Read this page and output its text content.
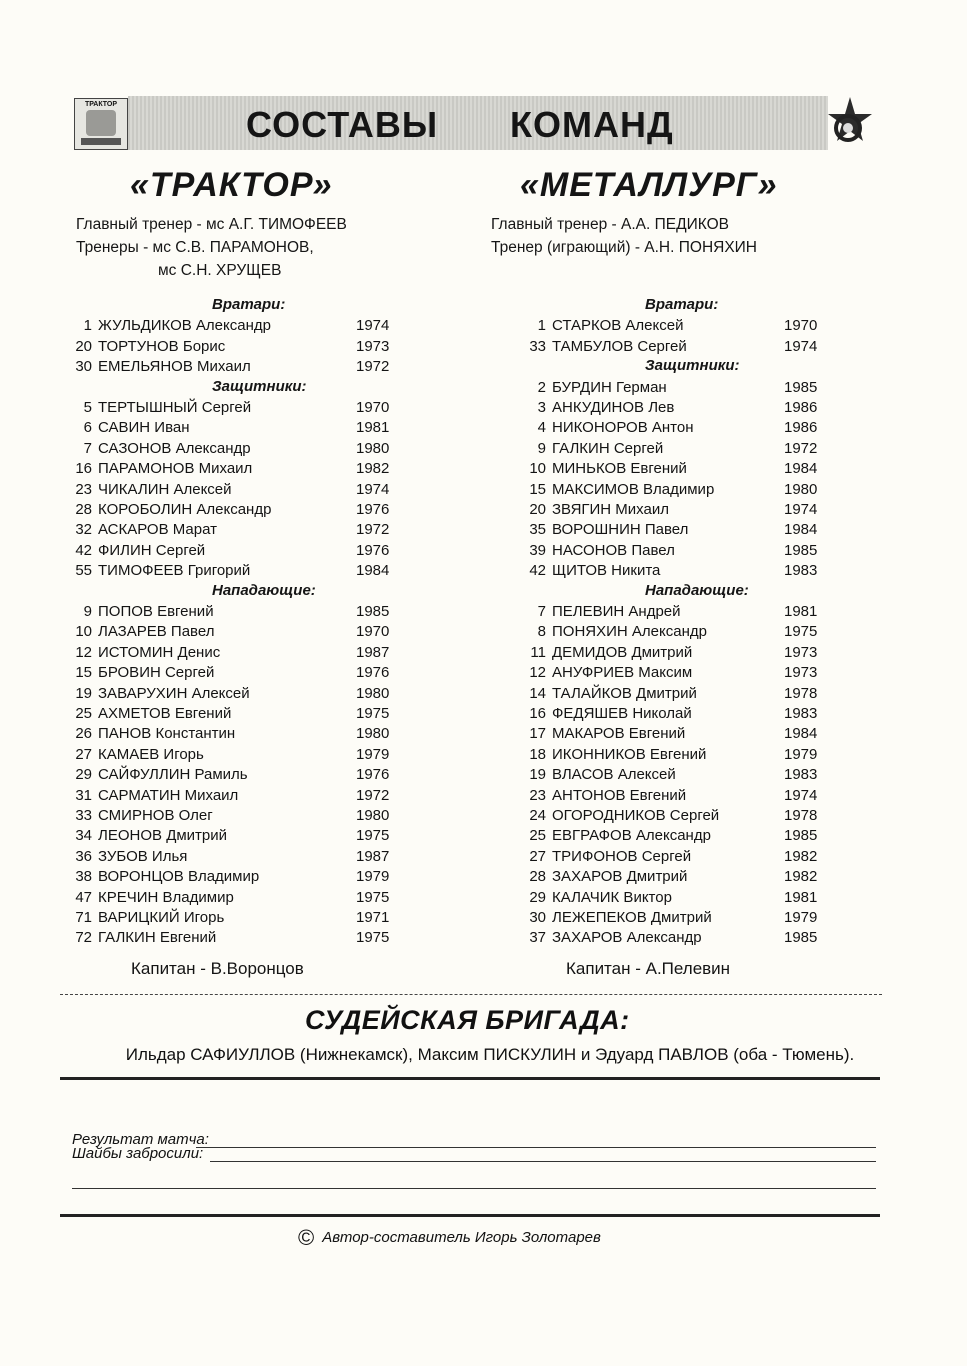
ТРАКТОР	СОСТАВЫ КОМАНД
«ТРАКТОР»	«МЕТАЛЛУРГ»
Главный тренер - мс А.Г. ТИМОФЕЕВ
Тренеры - мс С.В. ПАРАМОНОВ,
мс С.Н. ХРУЩЕВ
Вратари:
1 ЖУЛЬДИКОВ Александр	1974
20 ТОРТУНОВ Борис	1973
30 ЕМЕЛЬЯНОВ Михаил	1972
Защитники:
5 ТЕРТЫШНЫЙ Сергей	1970
6 САВИН Иван	1981
7 САЗОНОВ Александр	1980
16 ПАРАМОНОВ Михаил	1982
23 ЧИКАЛИН Алексей	1974
28 КОРОБОЛИН Александр	1976
32 АСКАРОВ Марат	1972
42 ФИЛИН Сергей	1976
55 ТИМОФЕЕВ Григорий	1984
Нападающие:
9 ПОПОВ Евгений	1985
10 ЛАЗАРЕВ Павел	1970
12 ИСТОМИН Денис	1987
15 БРОВИН Сергей	1976
19 ЗАВАРУХИН Алексей	1980
25 АХМЕТОВ Евгений	1975
26 ПАНОВ Константин	1980
27 КАМАЕВ Игорь	1979
29 САЙФУЛЛИН Рамиль	1976
31 САРМАТИН Михаил	1972
33 СМИРНОВ Олег	1980
34 ЛЕОНОВ Дмитрий	1975
36 ЗУБОВ Илья	1987
38 ВОРОНЦОВ Владимир	1979
47 КРЕЧИН Владимир	1975
71 ВАРИЦКИЙ Игорь	1971
72 ГАЛКИН Евгений	1975
Главный тренер - А.А. ПЕДИКОВ
Тренер (играющий) - А.Н. ПОНЯХИН
Вратари:
1 СТАРКОВ Алексей	1970
33 ТАМБУЛОВ Сергей	1974
Защитники:
2 БУРДИН Герман	1985
3 АНКУДИНОВ Лев	1986
4 НИКОНОРОВ Антон	1986
9 ГАЛКИН Сергей	1972
10 МИНЬКОВ Евгений	1984
15 МАКСИМОВ Владимир	1980
20 ЗВЯГИН Михаил	1974
35 ВОРОШНИН Павел	1984
39 НАСОНОВ Павел	1985
42 ЩИТОВ Никита	1983
Нападающие:
7 ПЕЛЕВИН Андрей	1981
8 ПОНЯХИН Александр	1975
11 ДЕМИДОВ Дмитрий	1973
12 АНУФРИЕВ Максим	1973
14 ТАЛАЙКОВ Дмитрий	1978
16 ФЕДЯШЕВ Николай	1983
17 МАКАРОВ Евгений	1984
18 ИКОННИКОВ Евгений	1979
19 ВЛАСОВ Алексей	1983
23 АНТОНОВ Евгений	1974
24 ОГОРОДНИКОВ Сергей	1978
25 ЕВГРАФОВ Александр	1985
27 ТРИФОНОВ Сергей	1982
28 ЗАХАРОВ Дмитрий	1982
29 КАЛАЧИК Виктор	1981
30 ЛЕЖЕПЕКОВ Дмитрий	1979
37 ЗАХАРОВ Александр	1985
Капитан - В.Воронцов	Капитан - А.Пелевин
СУДЕЙСКАЯ БРИГАДА:
Ильдар САФИУЛЛОВ (Нижнекамск), Максим ПИСКУЛИН и Эдуард ПАВЛОВ (оба - Тюмень).
Результат матча:
Шайбы забросили:
© Автор-составитель Игорь Золотарев
